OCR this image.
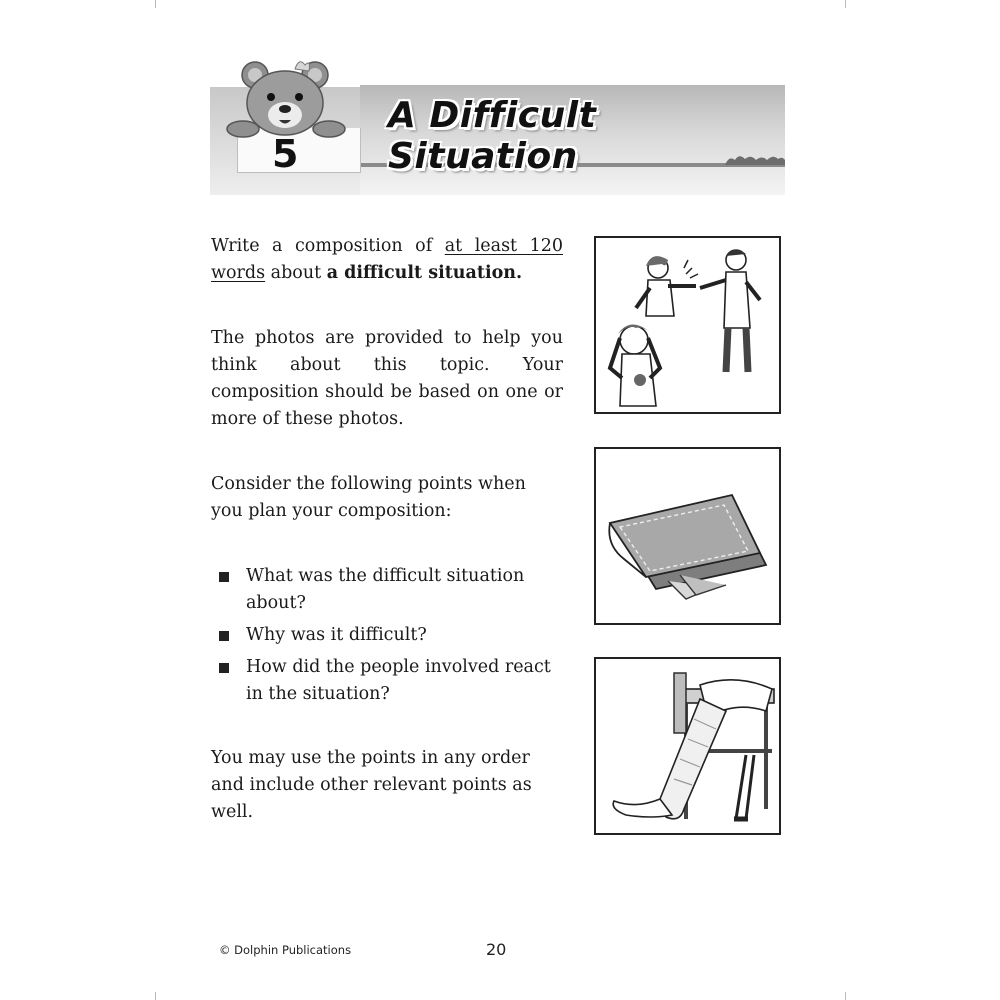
5
A Difficult Situation
Write a composition of at least 120 words about a difficult situation.
The photos are provided to help you think about this topic. Your composition should be based on one or more of these photos.
Consider the following points when you plan your composition:
What was the difficult situation about?
Why was it difficult?
How did the people involved react in the situation?
You may use the points in any order and include other relevant points as well.
© Dolphin Publications	20
